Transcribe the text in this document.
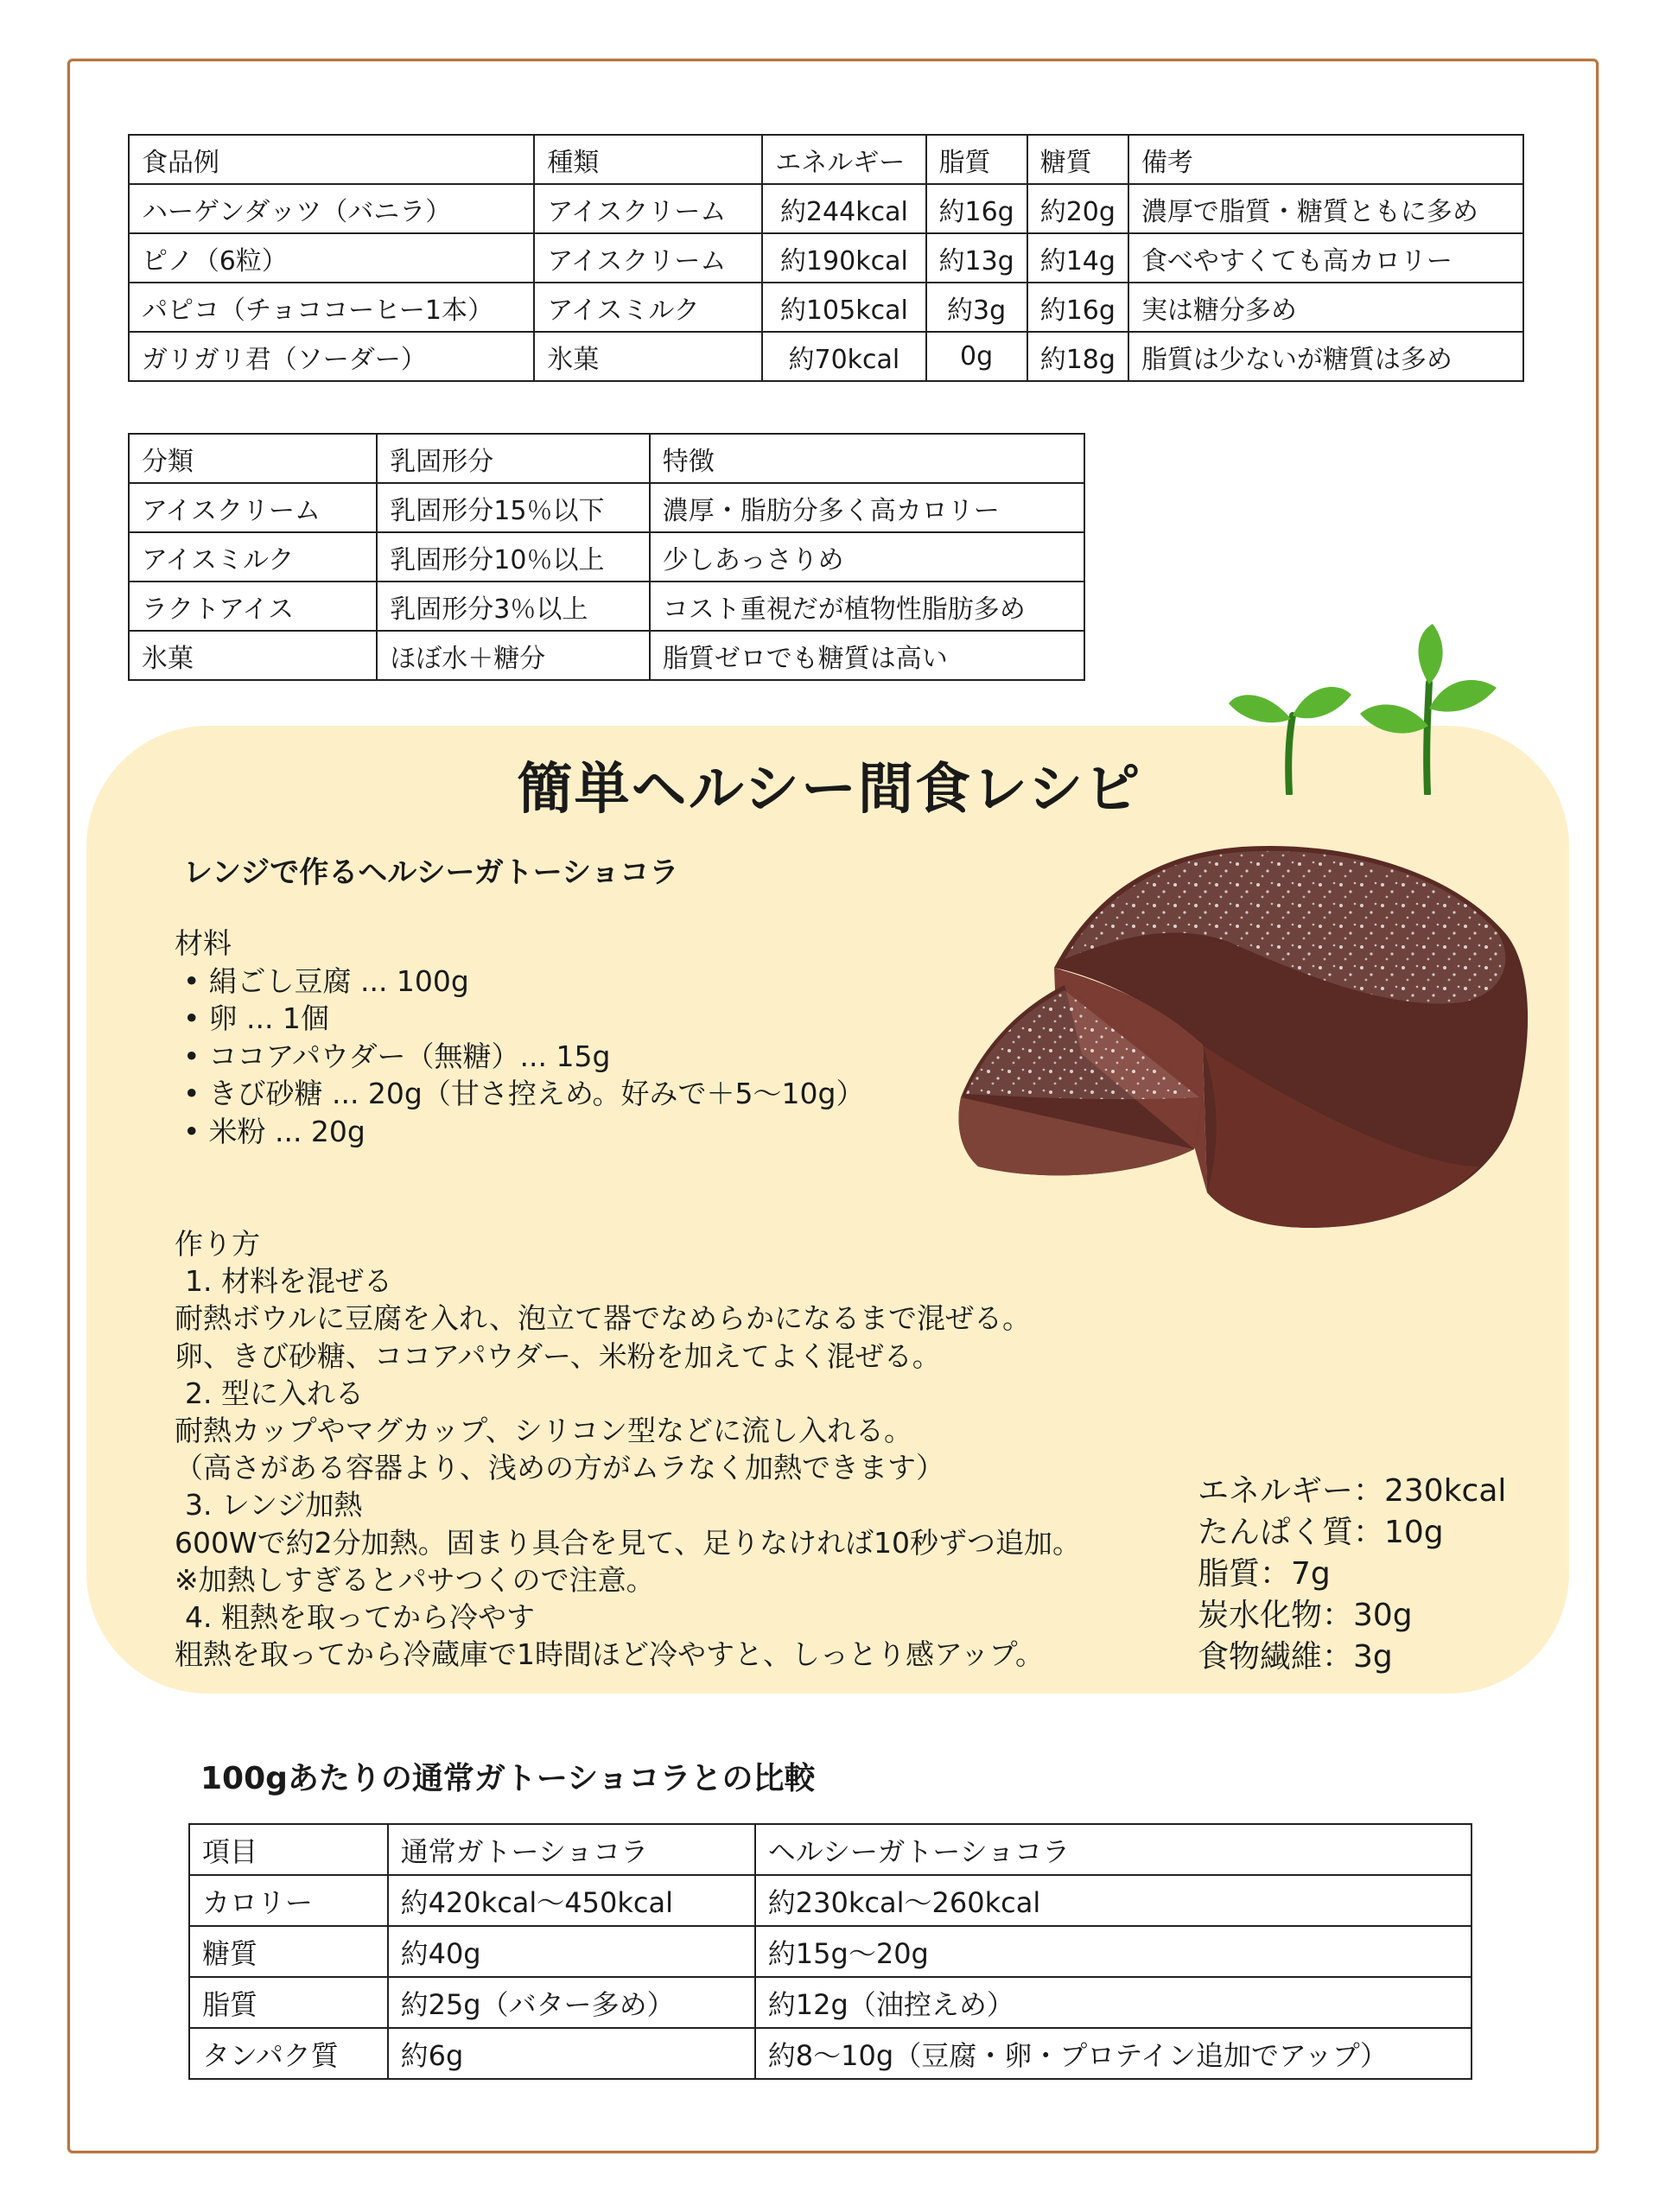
食品例	種類	エネルギー	脂質	糖質	備考
ハーゲンダッツ（バニラ）	アイスクリーム	約244kcal	約16g	約20g	濃厚で脂質・糖質ともに多め
ピノ（6粒）	アイスクリーム	約190kcal	約13g	約14g	食べやすくても高カロリー
パピコ（チョココーヒー1本）	アイスミルク	約105kcal	約3g	約16g	実は糖分多め
ガリガリ君（ソーダー）	氷菓	約70kcal	0g	約18g	脂質は少ないが糖質は多め
分類	乳固形分	特徴
アイスクリーム	乳固形分15％以下	濃厚・脂肪分多く高カロリー
アイスミルク	乳固形分10％以上	少しあっさりめ
ラクトアイス	乳固形分3％以上	コスト重視だが植物性脂肪多め
氷菓	ほぼ水＋糖分	脂質ゼロでも糖質は高い
簡単ヘルシー間食レシピ
レンジで作るヘルシーガトーショコラ
材料
• 絹ごし豆腐 ... 100g
• 卵 ... 1個
• ココアパウダー（無糖）... 15g
• きび砂糖 ... 20g（甘さ控えめ。好みで＋5〜10g）
• 米粉 ... 20g
作り方
1. 材料を混ぜる
耐熱ボウルに豆腐を入れ、泡立て器でなめらかになるまで混ぜる。
卵、きび砂糖、ココアパウダー、米粉を加えてよく混ぜる。
2. 型に入れる
耐熱カップやマグカップ、シリコン型などに流し入れる。
（高さがある容器より、浅めの方がムラなく加熱できます）
3. レンジ加熱
600Wで約2分加熱。固まり具合を見て、足りなければ10秒ずつ追加。
※加熱しすぎるとパサつくので注意。
4. 粗熱を取ってから冷やす
粗熱を取ってから冷蔵庫で1時間ほど冷やすと、しっとり感アップ。
エネルギー：230kcal
たんぱく質：10g
脂質：7g
炭水化物：30g
食物繊維：3g
100gあたりの通常ガトーショコラとの比較
項目	通常ガトーショコラ	ヘルシーガトーショコラ
カロリー	約420kcal〜450kcal	約230kcal〜260kcal
糖質	約40g	約15g〜20g
脂質	約25g（バター多め）	約12g（油控えめ）
タンパク質	約6g	約8〜10g（豆腐・卵・プロテイン追加でアップ）
